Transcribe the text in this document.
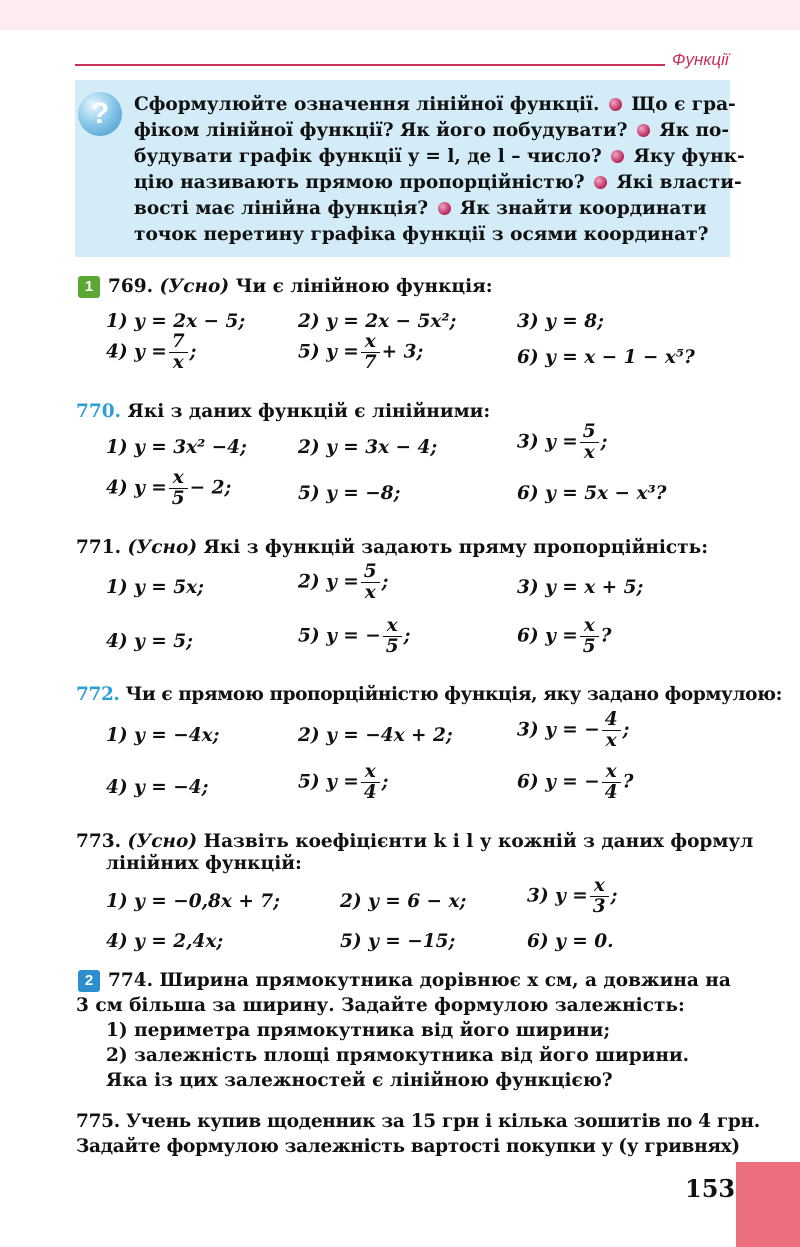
Функції
?	Сформулюйте означення лінійної функції. Що є гра-
фіком лінійної функції? Як його побудувати? Як по-
будувати графік функції y = l, де l – число? Яку функ-
цію називають прямою пропорційністю? Які власти-
вості має лінійна функція? Як знайти координати
точок перетину графіка функції з осями координат?
1 769. (Усно) Чи є лінійною функція:
1) y = 2x − 5;	2) y = 2x − 5x²;	3) y = 8;
4) $y = \frac{7}{x}$ ;	5) $y = \frac{x}{7} + 3$;	6) y = x − 1 − x⁵?
770. Які з даних функцій є лінійними:
1) y = 3x² −4;	2) y = 3x − 4;	3) $y = \frac{5}{x}$ ;
4) $y = \frac{x}{5} - 2$;	5) y = −8;	6) y = 5x − x³?
771. (Усно) Які з функцій задають пряму пропорційність:
1) y = 5x;	2) $y = \frac{5}{x}$ ;	3) y = x + 5;
4) y = 5;	5) y = − $\frac{x}{5}$ ;	6) $y = \frac{x}{5}$ ?
772. Чи є прямою пропорційністю функція, яку задано формулою:
1) y = −4x;	2) y = −4x + 2;	3) y = − $\frac{4}{x}$ ;
4) y = −4;	5) $y = \frac{x}{4}$ ;	6) y = − $\frac{x}{4}$ ?
773. (Усно) Назвіть коефіцієнти k і l у кожній з даних формул
лінійних функцій:
1) y = −0,8x + 7;	2) y = 6 − x;	3) $y = \frac{x}{3}$ ;
4) y = 2,4x;	5) y = −15;	6) y = 0.
2 774. Ширина прямокутника дорівнює x см, а довжина на
3 см більша за ширину. Задайте формулою залежність:
1) периметра прямокутника від його ширини;
2) залежність площі прямокутника від його ширини.
Яка із цих залежностей є лінійною функцією?
775. Учень купив щоденник за 15 грн і кілька зошитів по 4 грн.
Задайте формулою залежність вартості покупки y (у гривнях)
153
